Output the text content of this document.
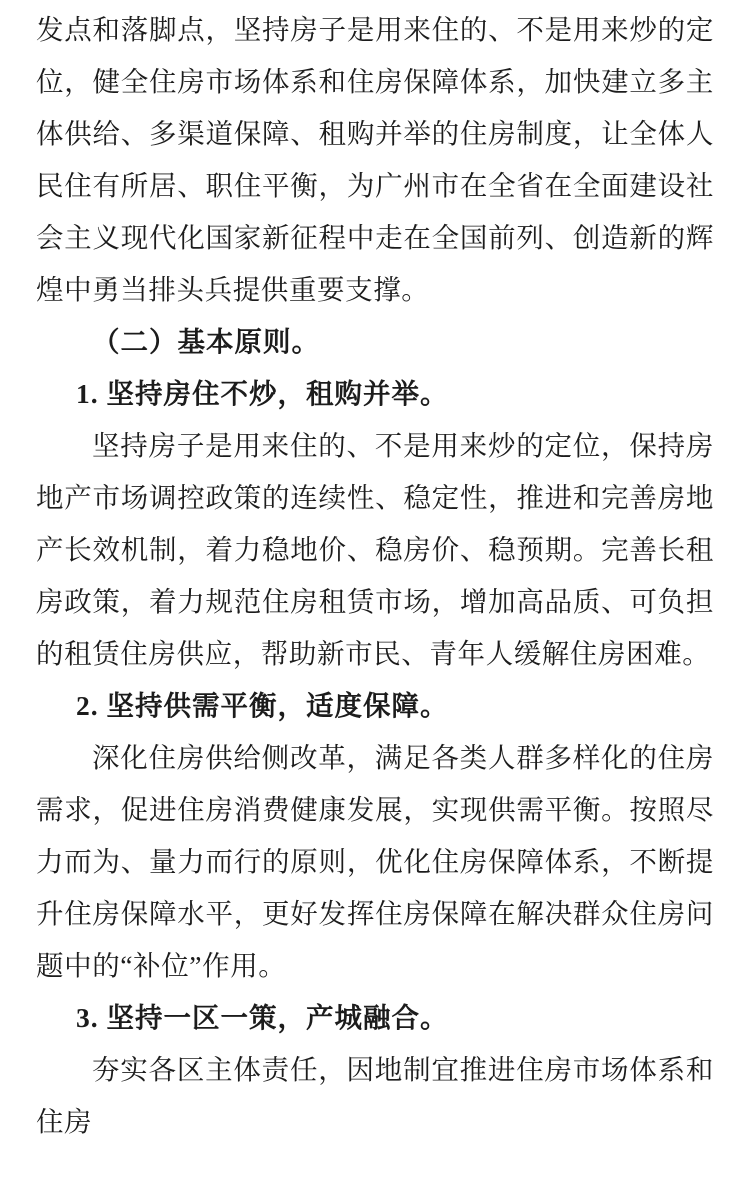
发点和落脚点，坚持房子是用来住的、不是用来炒的定位，健全住房市场体系和住房保障体系，加快建立多主体供给、多渠道保障、租购并举的住房制度，让全体人民住有所居、职住平衡，为广州市在全省在全面建设社会主义现代化国家新征程中走在全国前列、创造新的辉煌中勇当排头兵提供重要支撑。

（二）基本原则。

1. 坚持房住不炒，租购并举。

坚持房子是用来住的、不是用来炒的定位，保持房地产市场调控政策的连续性、稳定性，推进和完善房地产长效机制，着力稳地价、稳房价、稳预期。完善长租房政策，着力规范住房租赁市场，增加高品质、可负担的租赁住房供应，帮助新市民、青年人缓解住房困难。

2. 坚持供需平衡，适度保障。

深化住房供给侧改革，满足各类人群多样化的住房需求，促进住房消费健康发展，实现供需平衡。按照尽力而为、量力而行的原则，优化住房保障体系，不断提升住房保障水平，更好发挥住房保障在解决群众住房问题中的“补位”作用。

3. 坚持一区一策，产城融合。

夯实各区主体责任，因地制宜推进住房市场体系和住房
